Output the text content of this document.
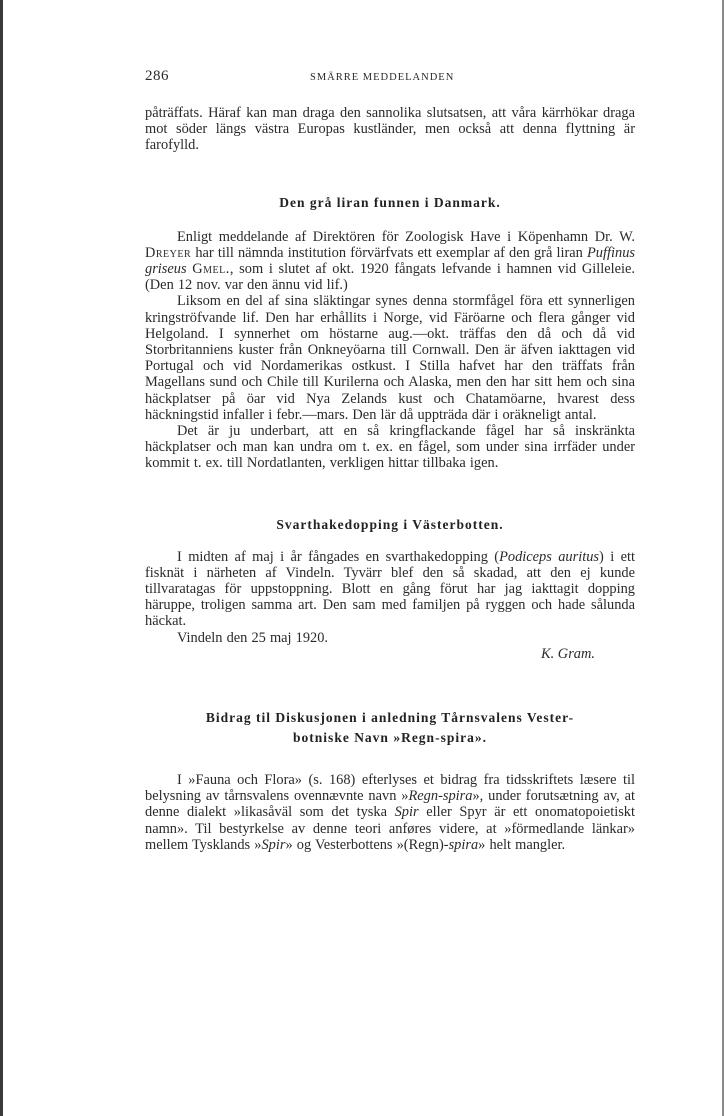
286	SMÄRRE MEDDELANDEN

påträffats. Häraf kan man draga den sannolika slutsatsen, att våra kärrhökar draga mot söder längs västra Europas kustländer, men också att denna flyttning är farofylld.

Den grå liran funnen i Danmark.

Enligt meddelande af Direktören för Zoologisk Have i Köpenhamn Dr. W. Dreyer har till nämnda institution förvärfvats ett exemplar af den grå liran Puffinus griseus Gmel., som i slutet af okt. 1920 fångats lefvande i hamnen vid Gilleleie. (Den 12 nov. var den ännu vid lif.)

Liksom en del af sina släktingar synes denna stormfågel föra ett synnerligen kringströfvande lif. Den har erhållits i Norge, vid Färöarne och flera gånger vid Helgoland. I synnerhet om höstarne aug.—okt. träffas den då och då vid Storbritanniens kuster från Onkneyöarna till Cornwall. Den är äfven iakttagen vid Portugal och vid Nordamerikas ostkust. I Stilla hafvet har den träffats från Magellans sund och Chile till Kurilerna och Alaska, men den har sitt hem och sina häckplatser på öar vid Nya Zelands kust och Chatamöarne, hvarest dess häckningstid infaller i febr.—mars. Den lär då uppträda där i oräkneligt antal.

Det är ju underbart, att en så kringflackande fågel har så inskränkta häckplatser och man kan undra om t. ex. en fågel, som under sina irrfäder under kommit t. ex. till Nordatlanten, verkligen hittar tillbaka igen.

Svarthakedopping i Västerbotten.

I midten af maj i år fångades en svarthakedopping (Podiceps auritus) i ett fisknät i närheten af Vindeln. Tyvärr blef den så skadad, att den ej kunde tillvaratagas för uppstoppning. Blott en gång förut har jag iakttagit dopping häruppe, troligen samma art. Den sam med familjen på ryggen och hade sålunda häckat.

Vindeln den 25 maj 1920.

K. Gram.
Bidrag til Diskusjonen i anledning Tårnsvalens Vester-
botniske Navn »Regn-spira».

I »Fauna och Flora» (s. 168) efterlyses et bidrag fra tidsskriftets læsere til belysning av tårnsvalens ovennævnte navn »Regn-spira», under forutsætning av, at denne dialekt »likasåväl som det tyska Spir eller Spyr är ett onomatopoietiskt namn». Til bestyrkelse av denne teori anføres videre, at »förmedlande länkar» mellem Tysklands »Spir» og Vesterbottens »(Regn)-spira» helt mangler.
